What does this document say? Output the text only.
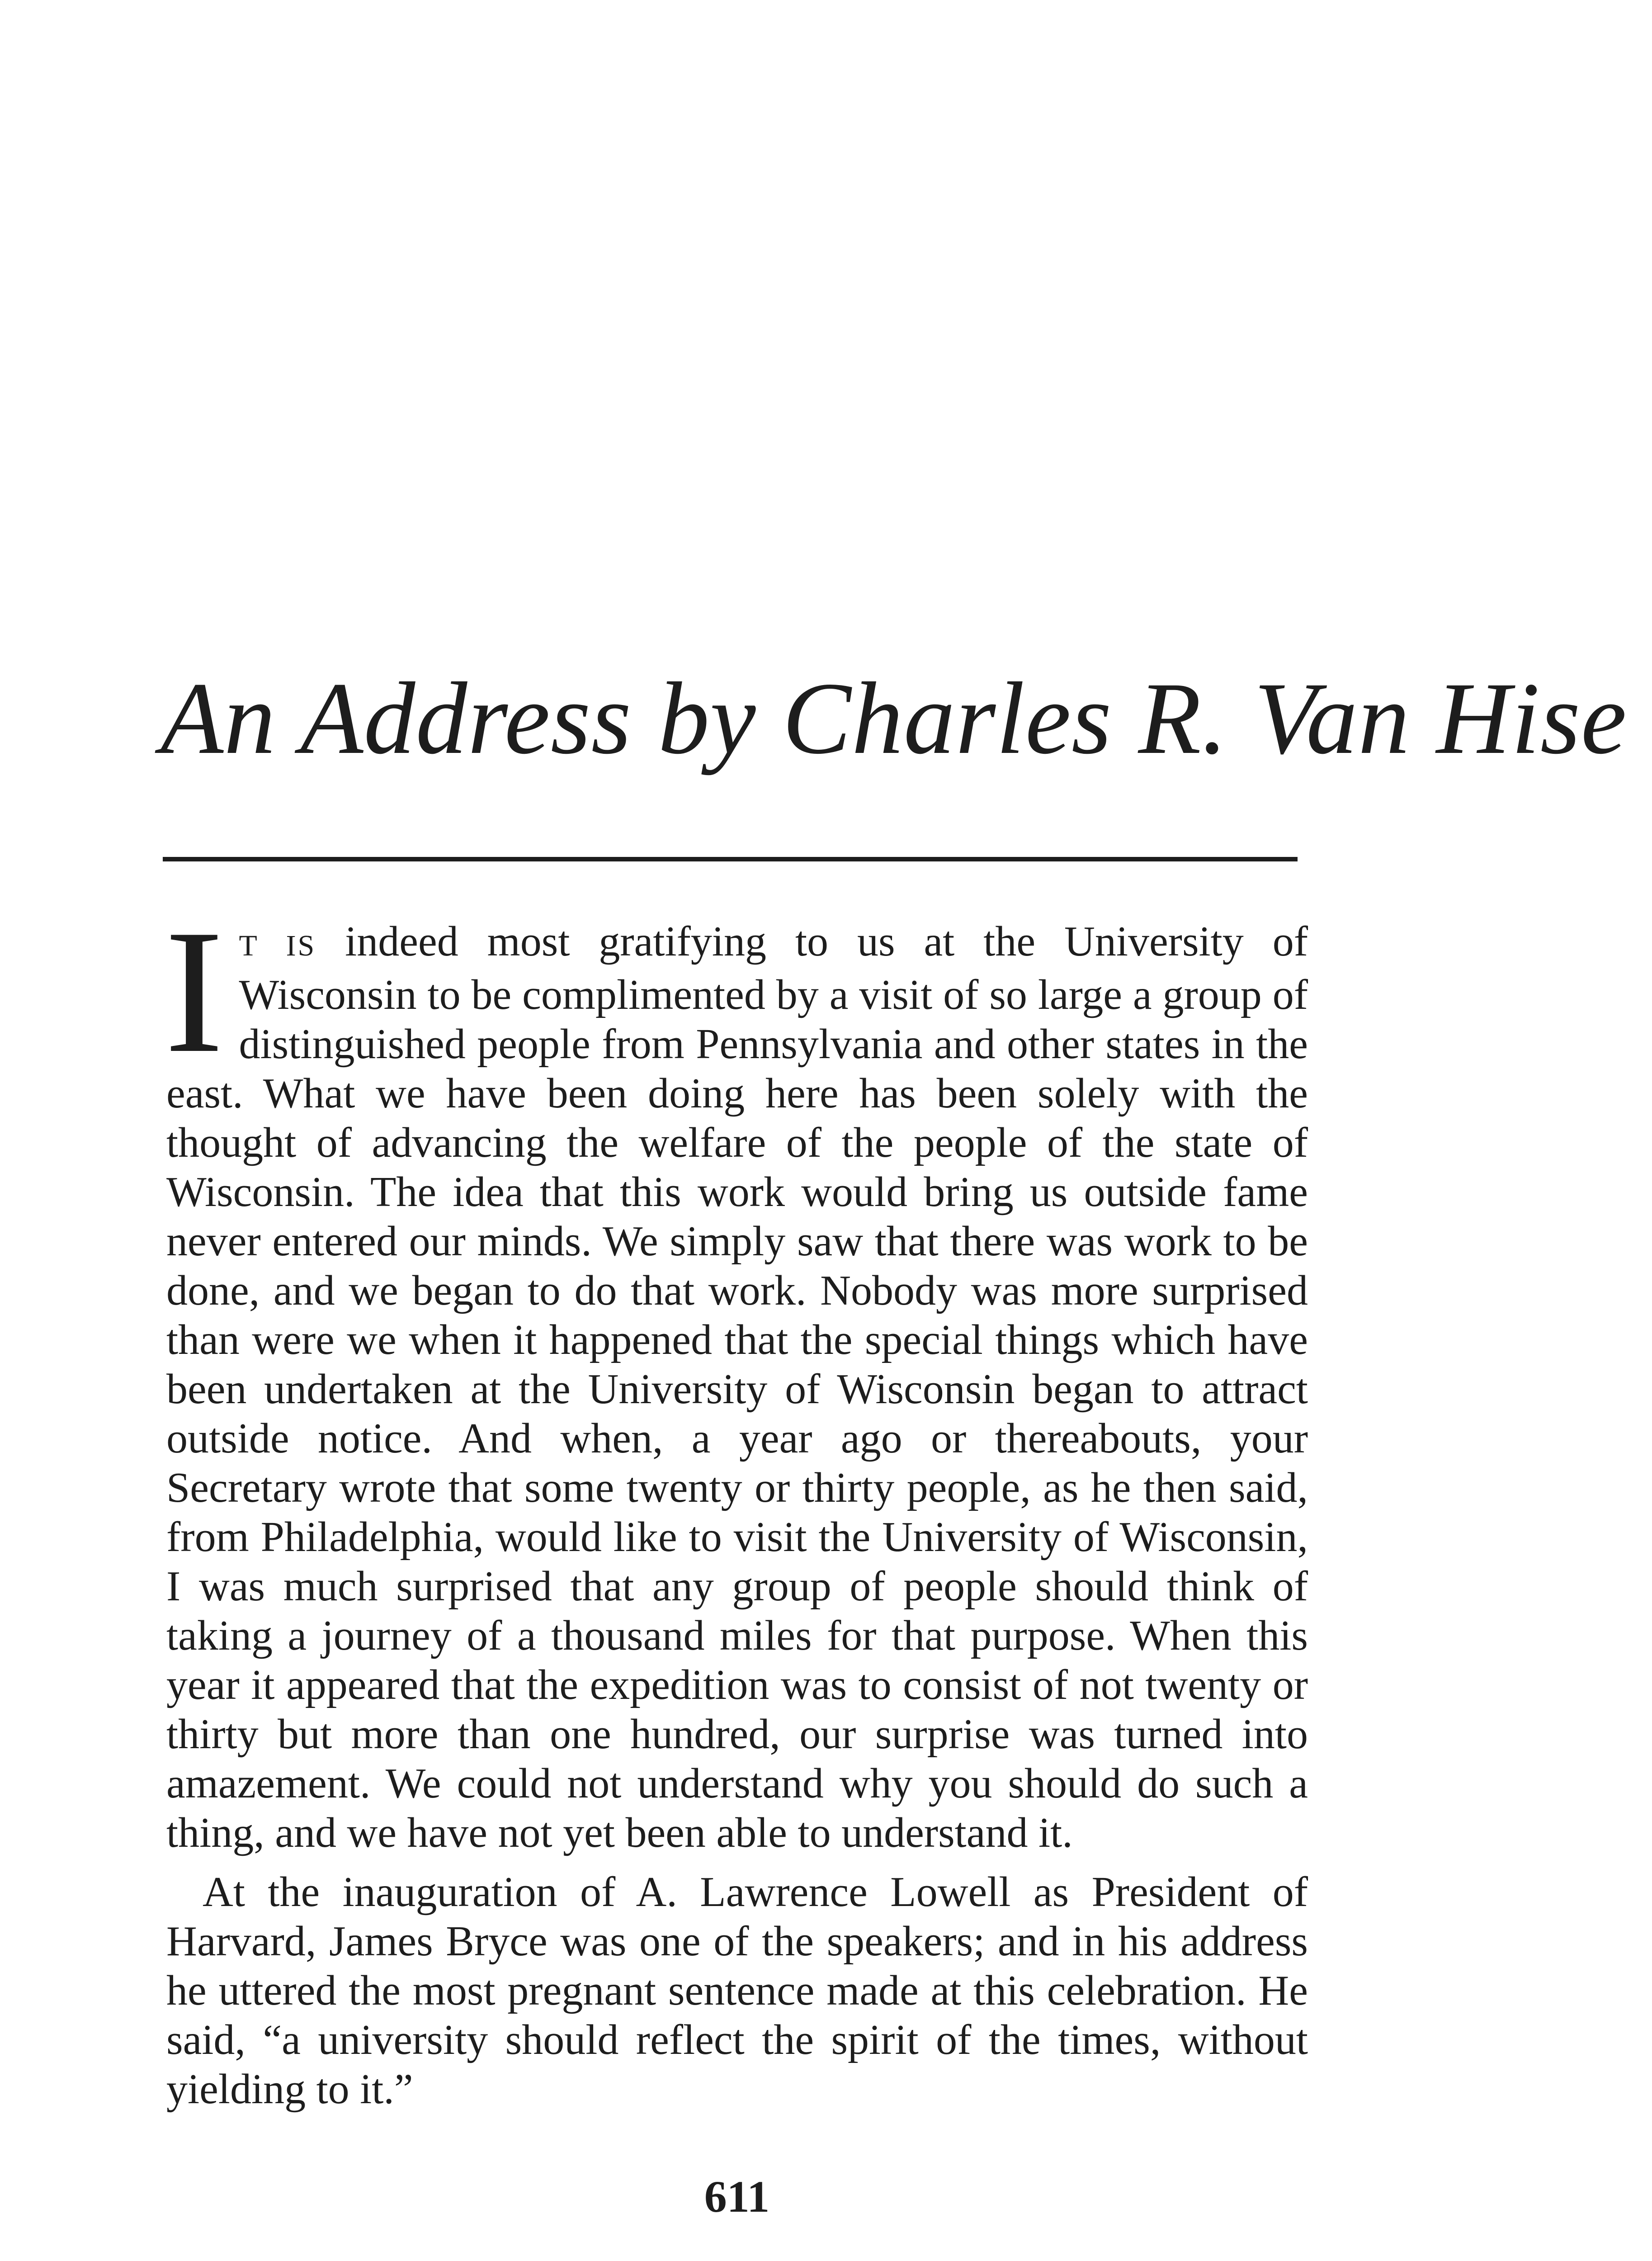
An Address by Charles R. Van Hise

I T IS indeed most gratifying to us at the University of Wisconsin to be complimented by a visit of so large a group of distinguished people from Pennsylvania and other states in the east. What we have been doing here has been solely with the thought of advancing the welfare of the people of the state of Wisconsin. The idea that this work would bring us outside fame never entered our minds. We simply saw that there was work to be done, and we began to do that work. Nobody was more surprised than were we when it happened that the special things which have been undertaken at the University of Wisconsin began to attract outside notice. And when, a year ago or thereabouts, your Secretary wrote that some twenty or thirty people, as he then said, from Philadelphia, would like to visit the University of Wisconsin, I was much surprised that any group of people should think of taking a journey of a thousand miles for that purpose. When this year it appeared that the expedition was to consist of not twenty or thirty but more than one hundred, our surprise was turned into amazement. We could not understand why you should do such a thing, and we have not yet been able to understand it.

At the inauguration of A. Lawrence Lowell as President of Harvard, James Bryce was one of the speakers; and in his address he uttered the most pregnant sentence made at this celebration. He said, “a university should reflect the spirit of the times, without yielding to it.”

611
